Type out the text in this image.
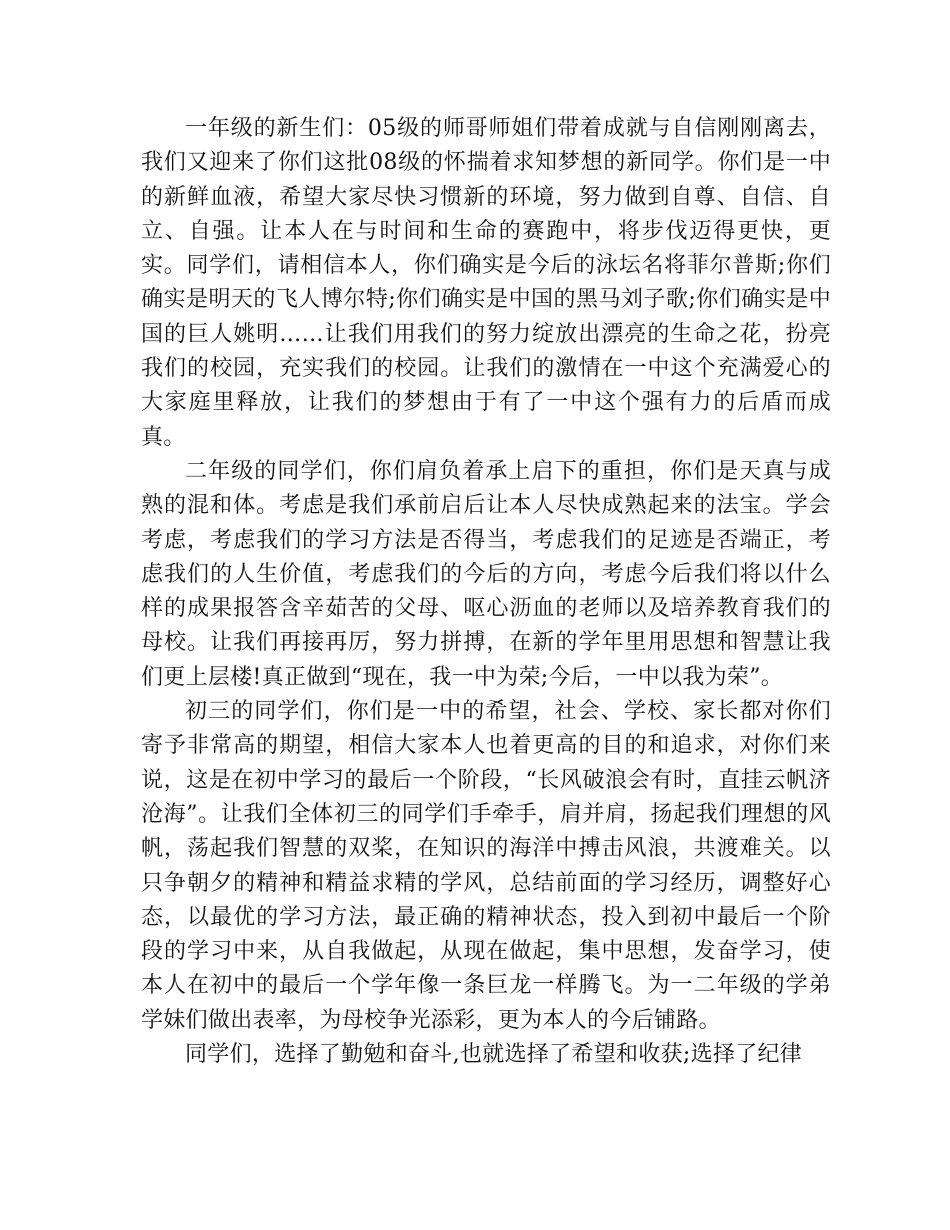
一年级的新生们：05级的师哥师姐们带着成就与自信刚刚离去，我们又迎来了你们这批08级的怀揣着求知梦想的新同学。你们是一中的新鲜血液，希望大家尽快习惯新的环境，努力做到自尊、自信、自立、自强。让本人在与时间和生命的赛跑中，将步伐迈得更快，更实。同学们，请相信本人，你们确实是今后的泳坛名将菲尔普斯;你们确实是明天的飞人博尔特;你们确实是中国的黑马刘子歌;你们确实是中国的巨人姚明……让我们用我们的努力绽放出漂亮的生命之花，扮亮我们的校园，充实我们的校园。让我们的激情在一中这个充满爱心的大家庭里释放，让我们的梦想由于有了一中这个强有力的后盾而成真。

二年级的同学们，你们肩负着承上启下的重担，你们是天真与成熟的混和体。考虑是我们承前启后让本人尽快成熟起来的法宝。学会考虑，考虑我们的学习方法是否得当，考虑我们的足迹是否端正，考虑我们的人生价值，考虑我们的今后的方向，考虑今后我们将以什么样的成果报答含辛茹苦的父母、呕心沥血的老师以及培养教育我们的母校。让我们再接再厉，努力拼搏，在新的学年里用思想和智慧让我们更上层楼!真正做到“现在，我一中为荣;今后，一中以我为荣”。

初三的同学们，你们是一中的希望，社会、学校、家长都对你们寄予非常高的期望，相信大家本人也着更高的目的和追求，对你们来说，这是在初中学习的最后一个阶段，“长风破浪会有时，直挂云帆济沧海”。让我们全体初三的同学们手牵手，肩并肩，扬起我们理想的风帆，荡起我们智慧的双桨，在知识的海洋中搏击风浪，共渡难关。以只争朝夕的精神和精益求精的学风，总结前面的学习经历，调整好心态，以最优的学习方法，最正确的精神状态，投入到初中最后一个阶段的学习中来，从自我做起，从现在做起，集中思想，发奋学习，使本人在初中的最后一个学年像一条巨龙一样腾飞。为一二年级的学弟学妹们做出表率，为母校争光添彩，更为本人的今后铺路。

同学们，选择了勤勉和奋斗,也就选择了希望和收获;选择了纪律
